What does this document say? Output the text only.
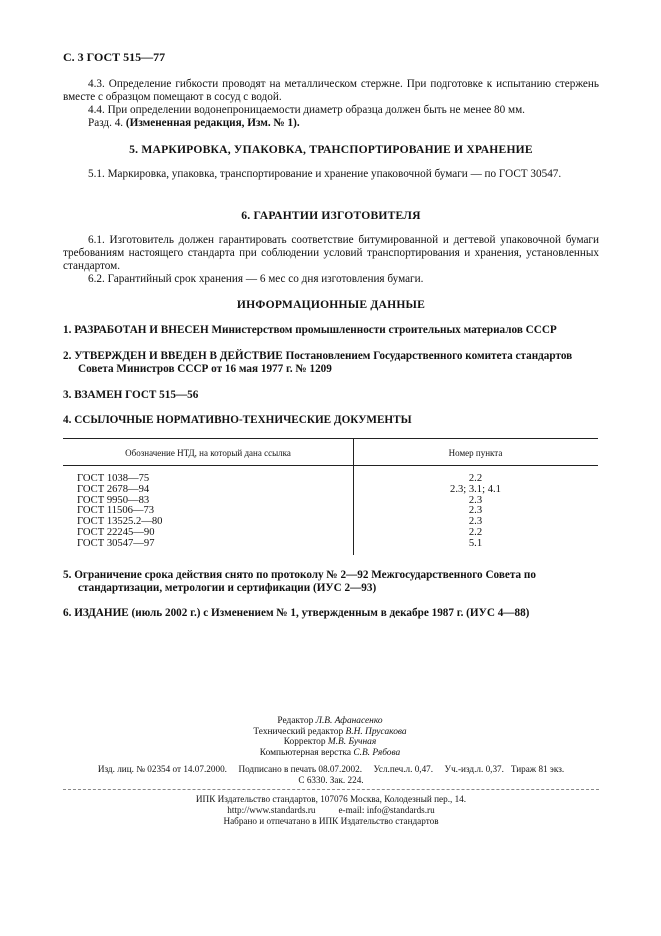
С. 3 ГОСТ 515—77
4.3. Определение гибкости проводят на металлическом стержне. При подготовке к испытанию стержень вместе с образцом помещают в сосуд с водой.
4.4. При определении водонепроницаемости диаметр образца должен быть не менее 80 мм.
Разд. 4. (Измененная редакция, Изм. № 1).
5. МАРКИРОВКА, УПАКОВКА, ТРАНСПОРТИРОВАНИЕ И ХРАНЕНИЕ
5.1. Маркировка, упаковка, транспортирование и хранение упаковочной бумаги — по ГОСТ 30547.
6. ГАРАНТИИ ИЗГОТОВИТЕЛЯ
6.1. Изготовитель должен гарантировать соответствие битумированной и дегтевой упаковочной бумаги требованиям настоящего стандарта при соблюдении условий транспортирования и хранения, установленных стандартом.
6.2. Гарантийный срок хранения — 6 мес со дня изготовления бумаги.
ИНФОРМАЦИОННЫЕ ДАННЫЕ
1. РАЗРАБОТАН И ВНЕСЕН Министерством промышленности строительных материалов СССР
2. УТВЕРЖДЕН И ВВЕДЕН В ДЕЙСТВИЕ Постановлением Государственного комитета стандартов Совета Министров СССР от 16 мая 1977 г. № 1209
3. ВЗАМЕН ГОСТ 515—56
4. ССЫЛОЧНЫЕ НОРМАТИВНО-ТЕХНИЧЕСКИЕ ДОКУМЕНТЫ
Обозначение НТД, на который дана ссылка	Номер пункта
ГОСТ 1038—75	2.2
ГОСТ 2678—94	2.3; 3.1; 4.1
ГОСТ 9950—83	2.3
ГОСТ 11506—73	2.3
ГОСТ 13525.2—80	2.3
ГОСТ 22245—90	2.2
ГОСТ 30547—97	5.1
5. Ограничение срока действия снято по протоколу № 2—92 Межгосударственного Совета по стандартизации, метрологии и сертификации (ИУС 2—93)
6. ИЗДАНИЕ (июль 2002 г.) с Изменением № 1, утвержденным в декабре 1987 г. (ИУС 4—88)
Редактор Л.В. Афанасенко
Технический редактор В.Н. Прусакова
Корректор М.В. Бучная
Компьютерная верстка С.В. Рябова
Изд. лиц. № 02354 от 14.07.2000.     Подписано в печать 08.07.2002.     Усл.печ.л. 0,47.     Уч.-изд.л. 0,37.   Тираж 81 экз.
С 6330. Зак. 224.
ИПК Издательство стандартов, 107076 Москва, Колодезный пер., 14.
http://www.standards.ru          e-mail: info@standards.ru
Набрано и отпечатано в ИПК Издательство стандартов
